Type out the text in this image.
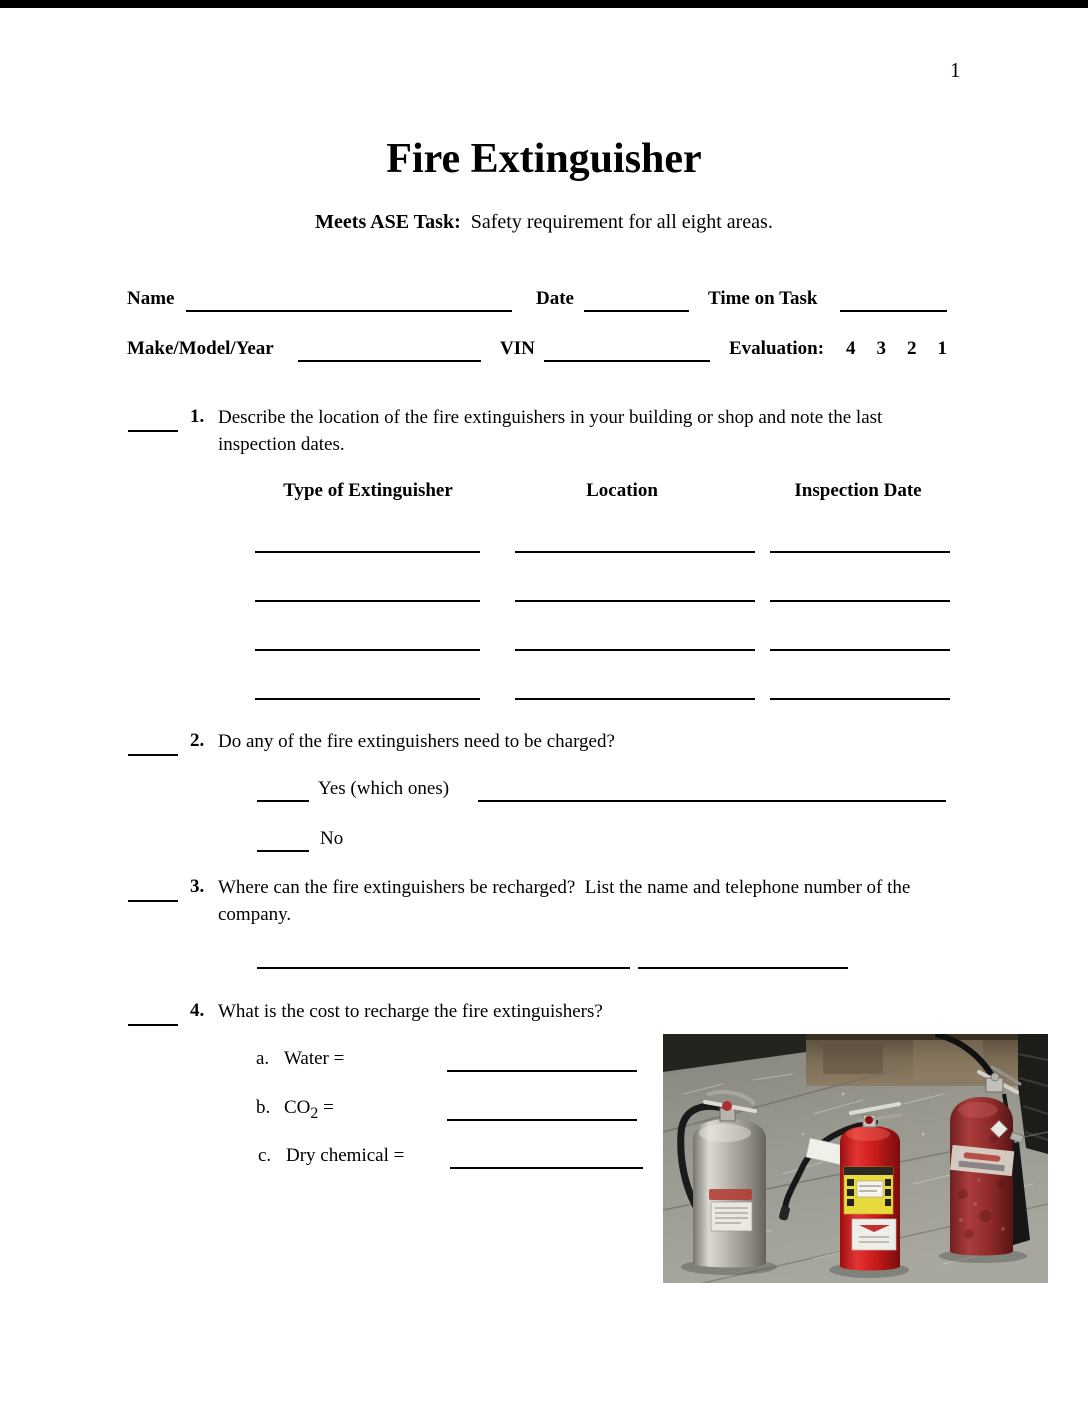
1
Fire Extinguisher
Meets ASE Task:  Safety requirement for all eight areas.
Name	Date	Time on Task
Make/Model/Year	VIN	Evaluation: 4 3 2 1
1. Describe the location of the fire extinguishers in your building or shop and note the last inspection dates.
Type of Extinguisher	Location	Inspection Date
2. Do any of the fire extinguishers need to be charged?
Yes (which ones)
No
3. Where can the fire extinguishers be recharged?  List the name and telephone number of the company.
4. What is the cost to recharge the fire extinguishers?
a. Water =
b. $CO_2$ =
c. Dry chemical =
